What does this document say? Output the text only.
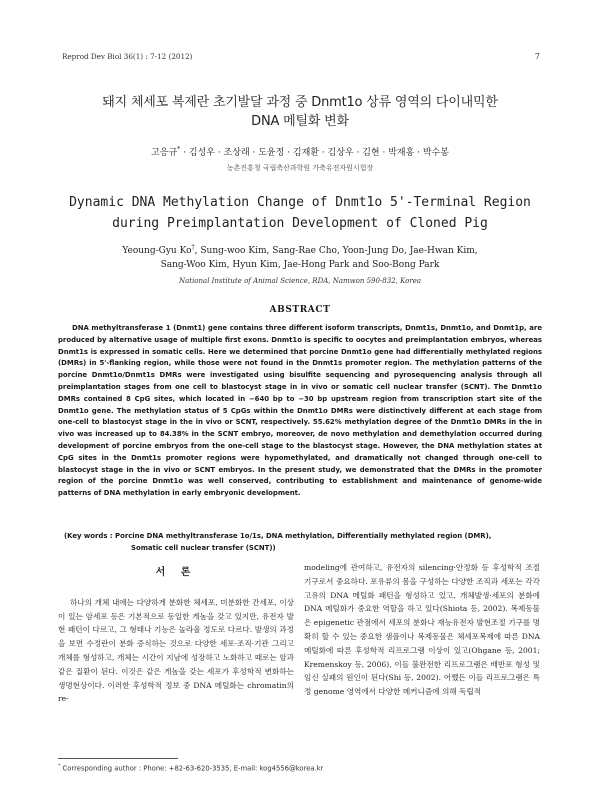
Reprod Dev Biol 36(1) : 7-12 (2012)	7
돼지 체세포 복제란 초기발달 과정 중 Dnmt1o 상류 영역의 다이내믹한
DNA 메틸화 변화
고응규* · 김성우 · 조상래 · 도윤정 · 김재환 · 김상우 · 김현 · 박재홍 · 박수봉
농촌진흥청 국립축산과학원 가축유전자원시험장
Dynamic DNA Methylation Change of Dnmt1o 5'-Terminal Region
during Preimplantation Development of Cloned Pig
Yeoung-Gyu Ko†, Sung-woo Kim, Sang-Rae Cho, Yoon-Jung Do, Jae-Hwan Kim,
Sang-Woo Kim, Hyun Kim, Jae-Hong Park and Soo-Bong Park
National Institute of Animal Science, RDA, Namwon 590-832, Korea
ABSTRACT
DNA methyltransferase 1 (Dnmt1) gene contains three different isoform transcripts, Dnmt1s, Dnmt1o, and Dnmt1p, are produced by alternative usage of multiple first exons. Dnmt1o is specific to oocytes and preimplantation embryos, whereas Dnmt1s is expressed in somatic cells. Here we determined that porcine Dnmt1o gene had differentially methylated regions (DMRs) in 5'-flanking region, while those were not found in the Dnmt1s promoter region. The methylation patterns of the porcine Dnmt1o/Dnmt1s DMRs were investigated using bisulfite sequencing and pyrosequencing analysis through all preimplantation stages from one cell to blastocyst stage in in vivo or somatic cell nuclear transfer (SCNT). The Dnmt1o DMRs contained 8 CpG sites, which located in −640 bp to −30 bp upstream region from transcription start site of the Dnmt1o gene. The methylation status of 5 CpGs within the Dnmt1o DMRs were distinctively different at each stage from one-cell to blastocyst stage in the in vivo or SCNT, respectively. 55.62% methylation degree of the Dnmt1o DMRs in the in vivo was increased up to 84.38% in the SCNT embryo, moreover, de novo methylation and demethylation occurred during development of porcine embryos from the one-cell stage to the blastocyst stage. However, the DNA methylation states at CpG sites in the Dnmt1s promoter regions were hypomethylated, and dramatically not changed through one-cell to blastocyst stage in the in vivo or SCNT embryos. In the present study, we demonstrated that the DMRs in the promoter region of the porcine Dnmt1o was well conserved, contributing to establishment and maintenance of genome-wide patterns of DNA methylation in early embryonic development.
(Key words : Porcine DNA methyltransferase 1o/1s, DNA methylation, Differentially methylated region (DMR),
Somatic cell nuclear transfer (SCNT))
서 론

하나의 개체 내에는 다양하게 분화한 체세포, 미분화한 간세포, 이상이 있는 암세포 등은 기본적으로 동일한 게놈을 갖고 있지만, 유전자 발현 패턴이 다르고, 그 형태나 기능은 놀라울 정도로 다르다. 발생의 과정을 보면 수정란이 분화 증식하는 것으로 다양한 세포·조직·기관 그리고 개체를 형성하고, 개체는 시간이 지남에 성장하고 노화하고 때로는 암과 같은 질환이 된다. 이것은 같은 게놈을 갖는 세포가 후성학적 변화하는 생명현상이다. 이러한 후성학적 정보 중 DNA 메틸화는 chromatin의 re-

modeling에 관여하고, 유전자의 silencing·안정화 등 후성학적 조절기구로서 중요하다. 포유류의 몸을 구성하는 다양한 조직과 세포는 각각 고유의 DNA 메틸화 패턴을 형성하고 있고, 개체발생·세포의 분화에 DNA 메틸화가 중요한 역할을 하고 있다(Shiota 등, 2002). 복제동물은 epigenetic 관점에서 세포의 분화나 재능유전자 발현조절 기구를 명확히 할 수 있는 중요한 샘플이나 복제동물은 체세포복제에 따른 DNA 메틸화에 따른 후성학적 리프로그램 이상이 있고(Ohgane 등, 2001; Kremenskoy 등, 2006), 이들 불완전한 리프로그램은 배반포 형성 및 임신 실패의 원인이 된다(Shi 등, 2002). 어쨌든 이들 리프로그램은 특정 genome 영역에서 다양한 메커니즘에 의해 독립적

* Corresponding author : Phone: +82-63-620-3535, E-mail: kog4556@korea.kr
